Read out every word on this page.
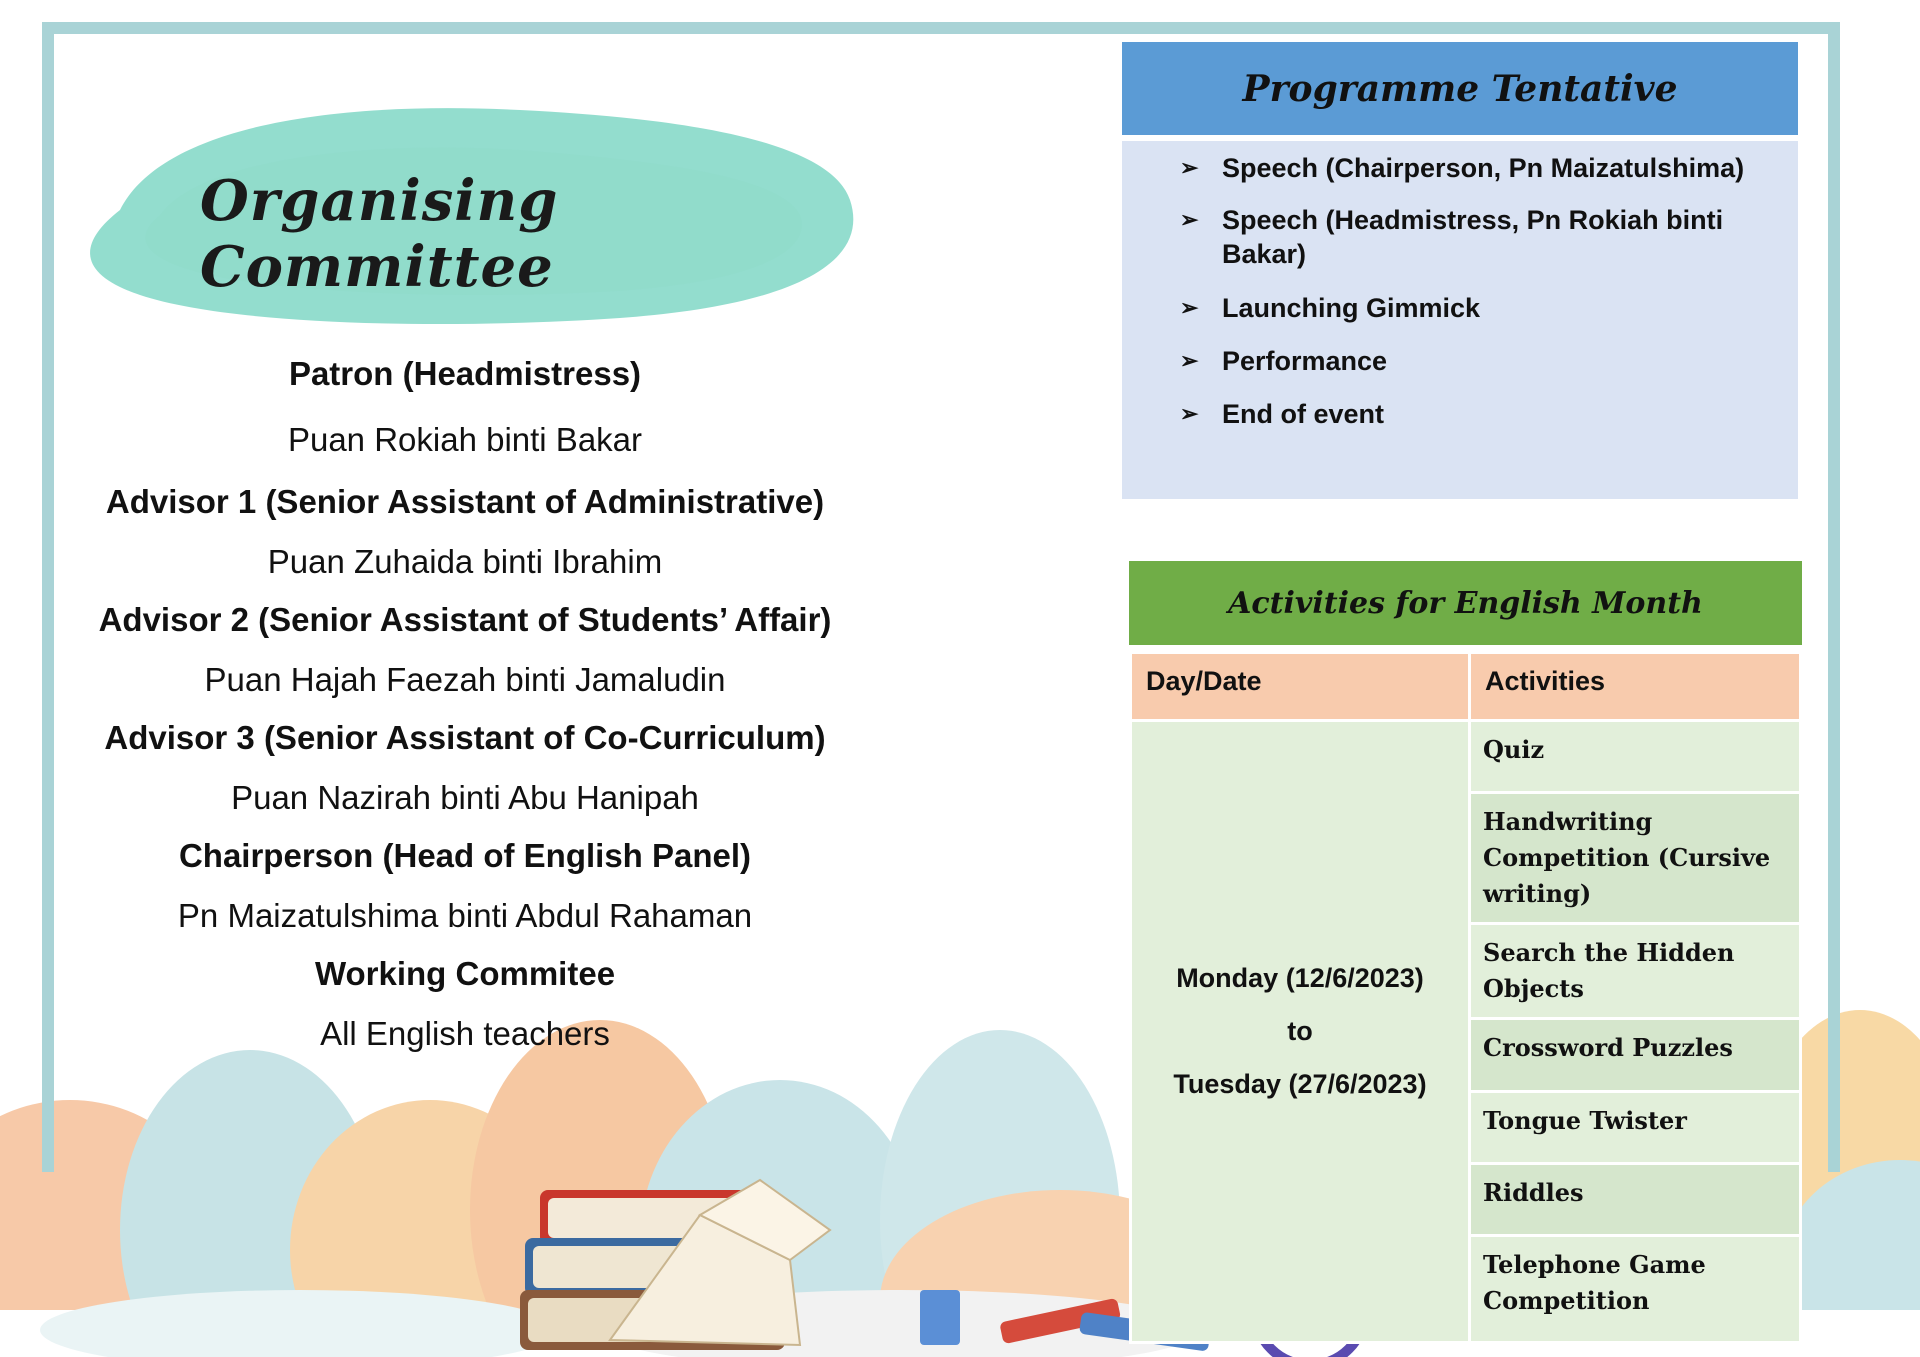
Organising Committee

Patron (Headmistress)

Puan Rokiah binti Bakar

Advisor 1 (Senior Assistant of Administrative)

Puan Zuhaida binti Ibrahim

Advisor 2 (Senior Assistant of Students’ Affair)

Puan Hajah Faezah binti Jamaludin

Advisor 3 (Senior Assistant of Co-Curriculum)

Puan Nazirah binti Abu Hanipah

Chairperson (Head of English Panel)

Pn Maizatulshima binti Abdul Rahaman

Working Commitee

All English teachers

Programme Tentative
➢ Speech (Chairperson, Pn Maizatulshima)
➢ Speech (Headmistress, Pn Rokiah binti Bakar)
➢ Launching Gimmick
➢ Performance
➢ End of event
Activities for English Month
Day/Date	Activities

Monday (12/6/2023)
to
Tuesday (27/6/2023)	Quiz
	Handwriting Competition (Cursive writing)
	Search the Hidden Objects
	Crossword Puzzles
	Tongue Twister
	Riddles
	Telephone Game Competition
